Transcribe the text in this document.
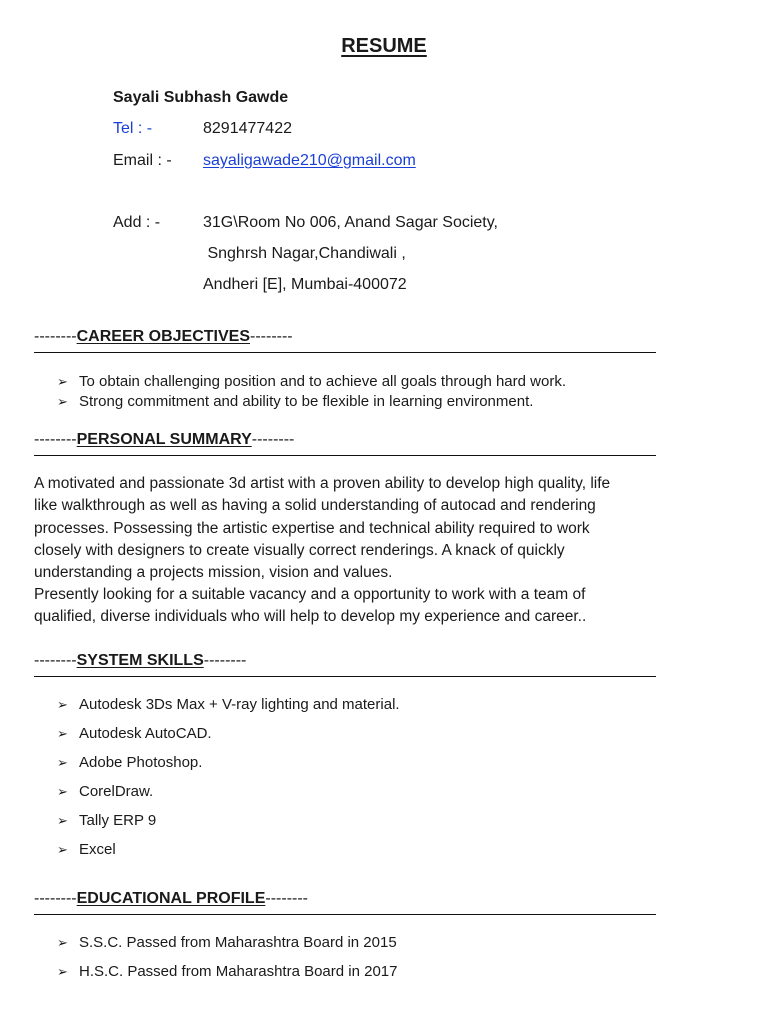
RESUME
Sayali Subhash Gawde
Tel : -	8291477422
Email : - sayaligawade210@gmail.com
Add : -	31G\Room No 006, Anand Sagar Society,
Snghrsh Nagar,Chandiwali ,
Andheri [E], Mumbai-400072
--------CAREER OBJECTIVES--------
➢ To obtain challenging position and to achieve all goals through hard work.
➢ Strong commitment and ability to be flexible in learning environment.
--------PERSONAL SUMMARY--------
A motivated and passionate 3d artist with a proven ability to develop high quality, life
like walkthrough as well as having a solid understanding of autocad and rendering
processes. Possessing the artistic expertise and technical ability required to work
closely with designers to create visually correct renderings. A knack of quickly
understanding a projects mission, vision and values.
Presently looking for a suitable vacancy and a opportunity to work with a team of
qualified, diverse individuals who will help to develop my experience and career..
--------SYSTEM SKILLS--------
➢ Autodesk 3Ds Max + V-ray lighting and material.
➢ Autodesk AutoCAD.
➢ Adobe Photoshop.
➢ CorelDraw.
➢ Tally ERP 9
➢ Excel
--------EDUCATIONAL PROFILE--------
➢ S.S.C. Passed from Maharashtra Board in 2015
➢ H.S.C. Passed from Maharashtra Board in 2017
